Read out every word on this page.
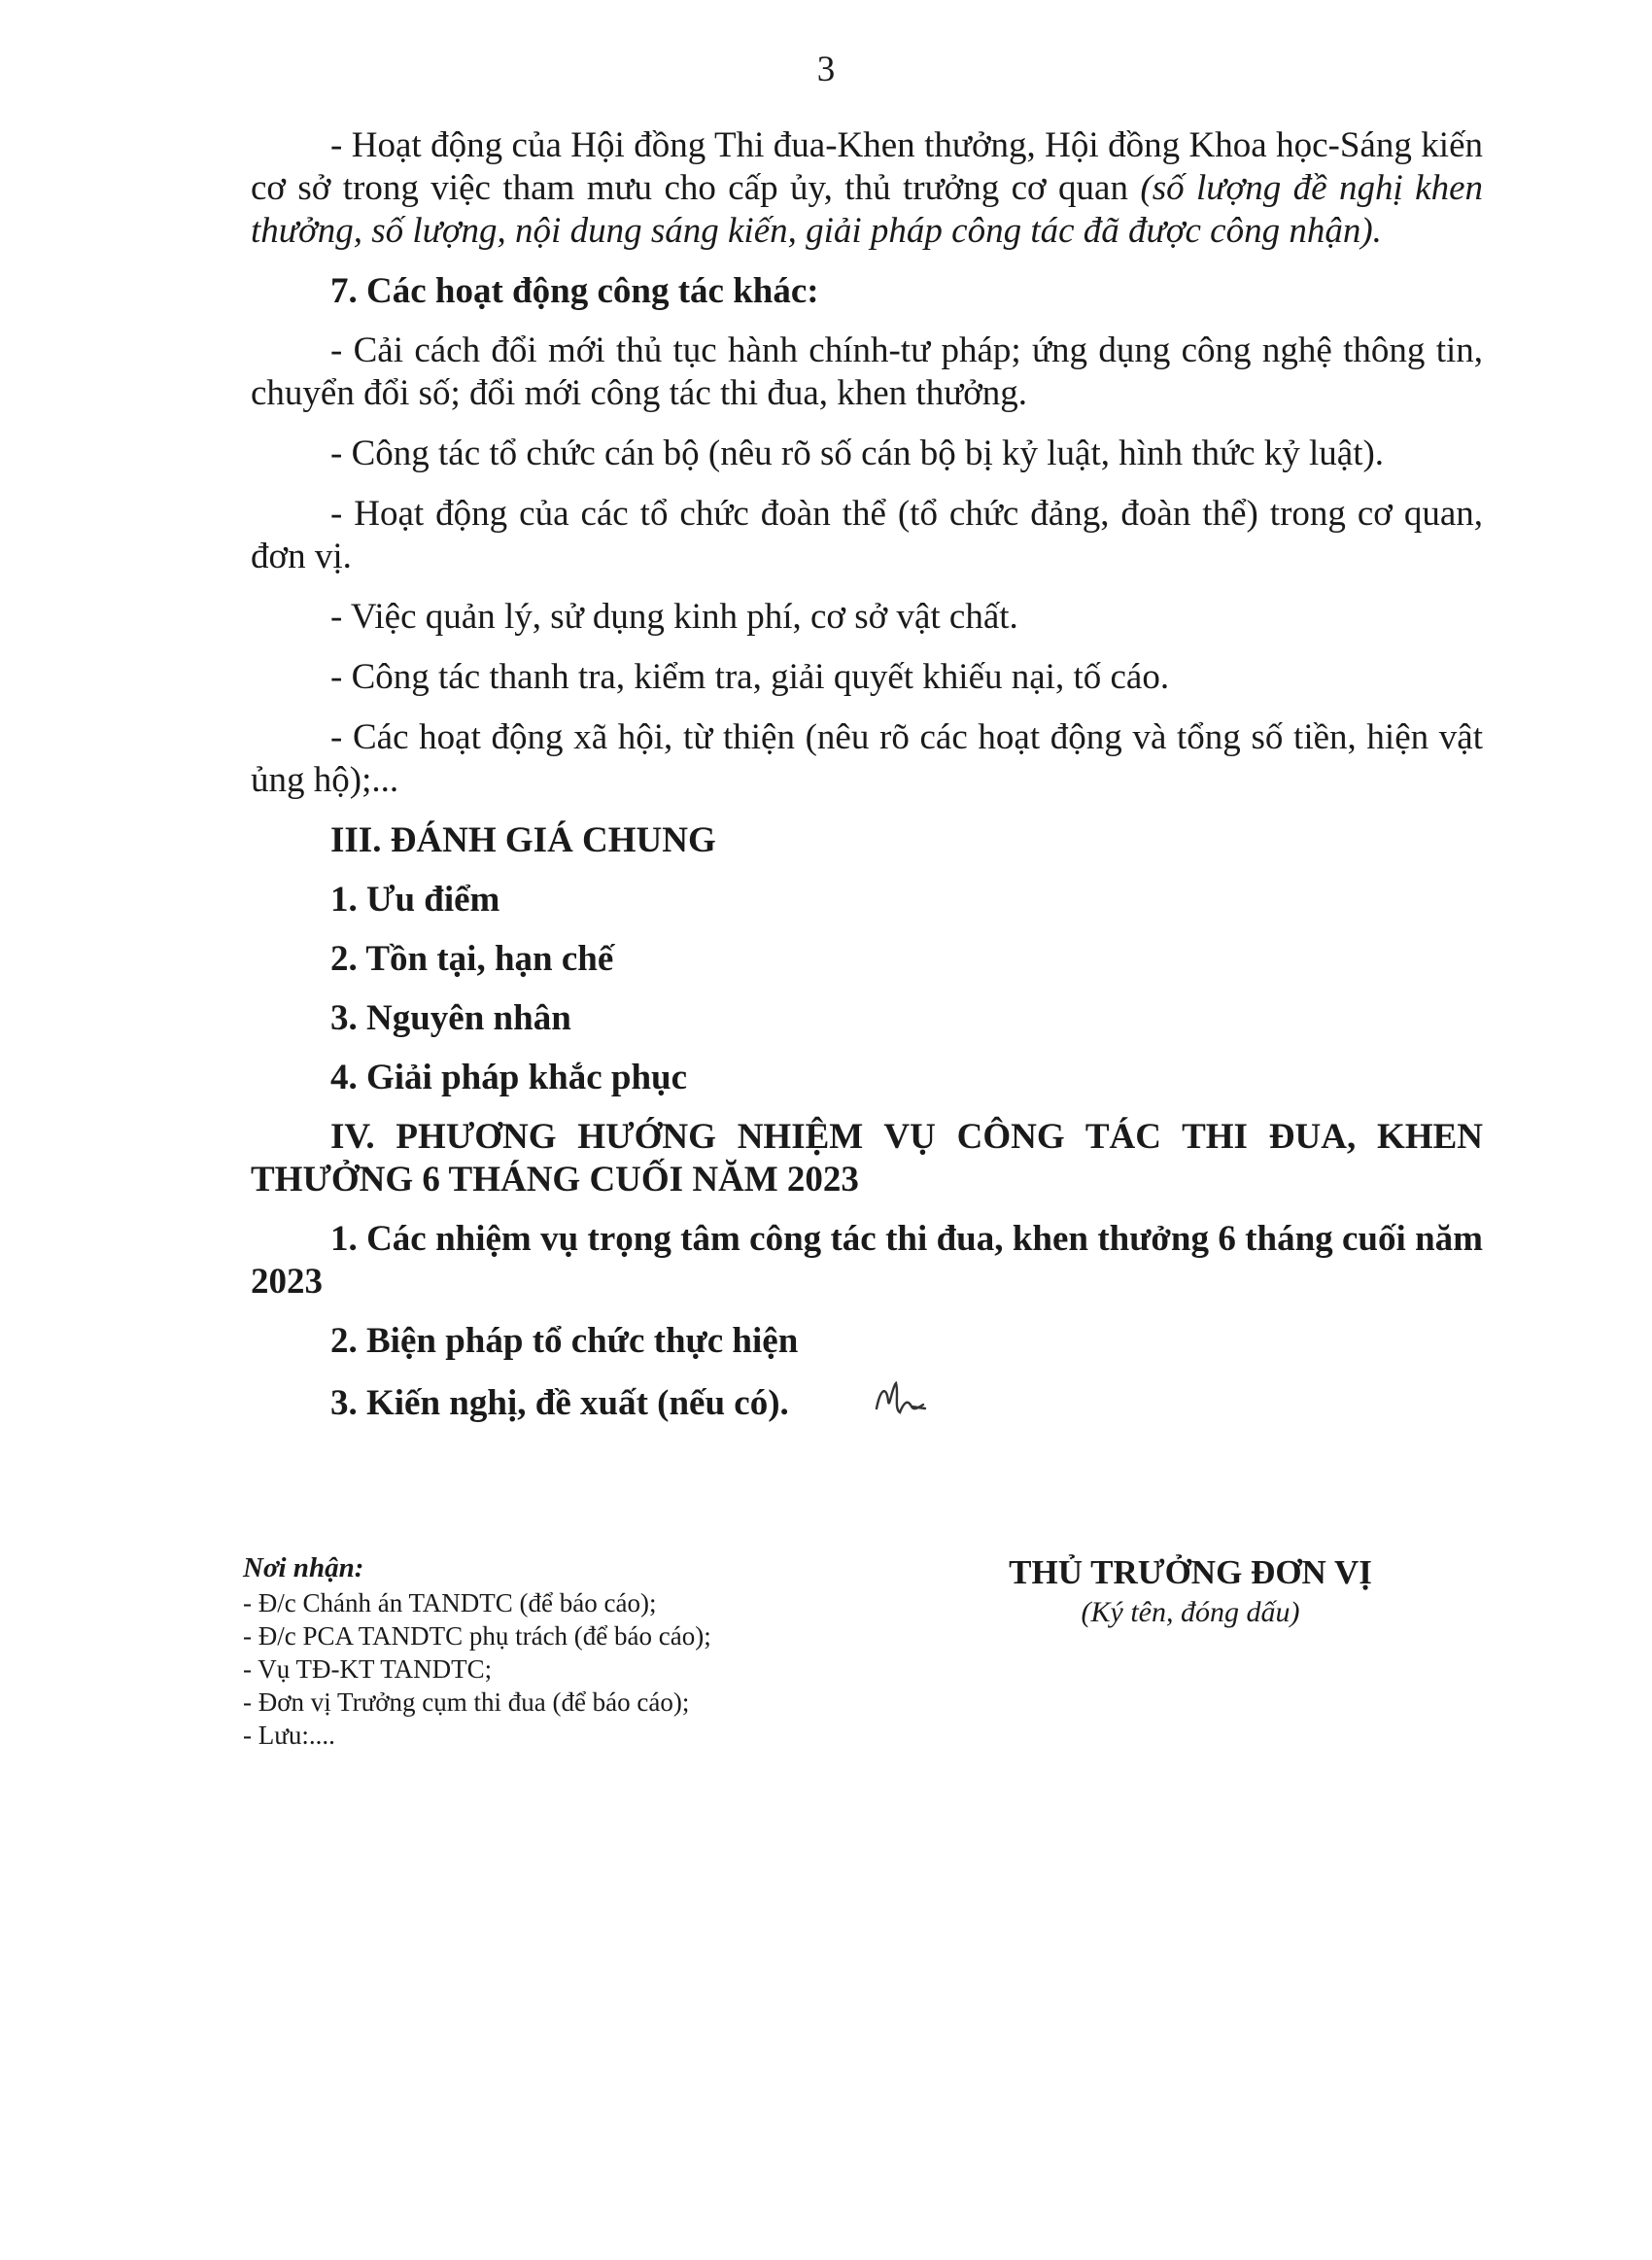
3

- Hoạt động của Hội đồng Thi đua-Khen thưởng, Hội đồng Khoa học-Sáng kiến cơ sở trong việc tham mưu cho cấp ủy, thủ trưởng cơ quan (số lượng đề nghị khen thưởng, số lượng, nội dung sáng kiến, giải pháp công tác đã được công nhận).

7. Các hoạt động công tác khác:

- Cải cách đổi mới thủ tục hành chính-tư pháp; ứng dụng công nghệ thông tin, chuyển đổi số; đổi mới công tác thi đua, khen thưởng.

- Công tác tổ chức cán bộ (nêu rõ số cán bộ bị kỷ luật, hình thức kỷ luật).

- Hoạt động của các tổ chức đoàn thể (tổ chức đảng, đoàn thể) trong cơ quan, đơn vị.

- Việc quản lý, sử dụng kinh phí, cơ sở vật chất.

- Công tác thanh tra, kiểm tra, giải quyết khiếu nại, tố cáo.

- Các hoạt động xã hội, từ thiện (nêu rõ các hoạt động và tổng số tiền, hiện vật ủng hộ);...

III. ĐÁNH GIÁ CHUNG

1. Ưu điểm

2. Tồn tại, hạn chế

3. Nguyên nhân

4. Giải pháp khắc phục

IV. PHƯƠNG HƯỚNG NHIỆM VỤ CÔNG TÁC THI ĐUA, KHEN THƯỞNG 6 THÁNG CUỐI NĂM 2023

1. Các nhiệm vụ trọng tâm công tác thi đua, khen thưởng 6 tháng cuối năm 2023

2. Biện pháp tổ chức thực hiện

3. Kiến nghị, đề xuất (nếu có).

Nơi nhận:
- Đ/c Chánh án TANDTC (để báo cáo);
- Đ/c PCA TANDTC phụ trách (để báo cáo);
- Vụ TĐ-KT TANDTC;
- Đơn vị Trưởng cụm thi đua (để báo cáo);
- Lưu:....
THỦ TRƯỞNG ĐƠN VỊ
(Ký tên, đóng dấu)
